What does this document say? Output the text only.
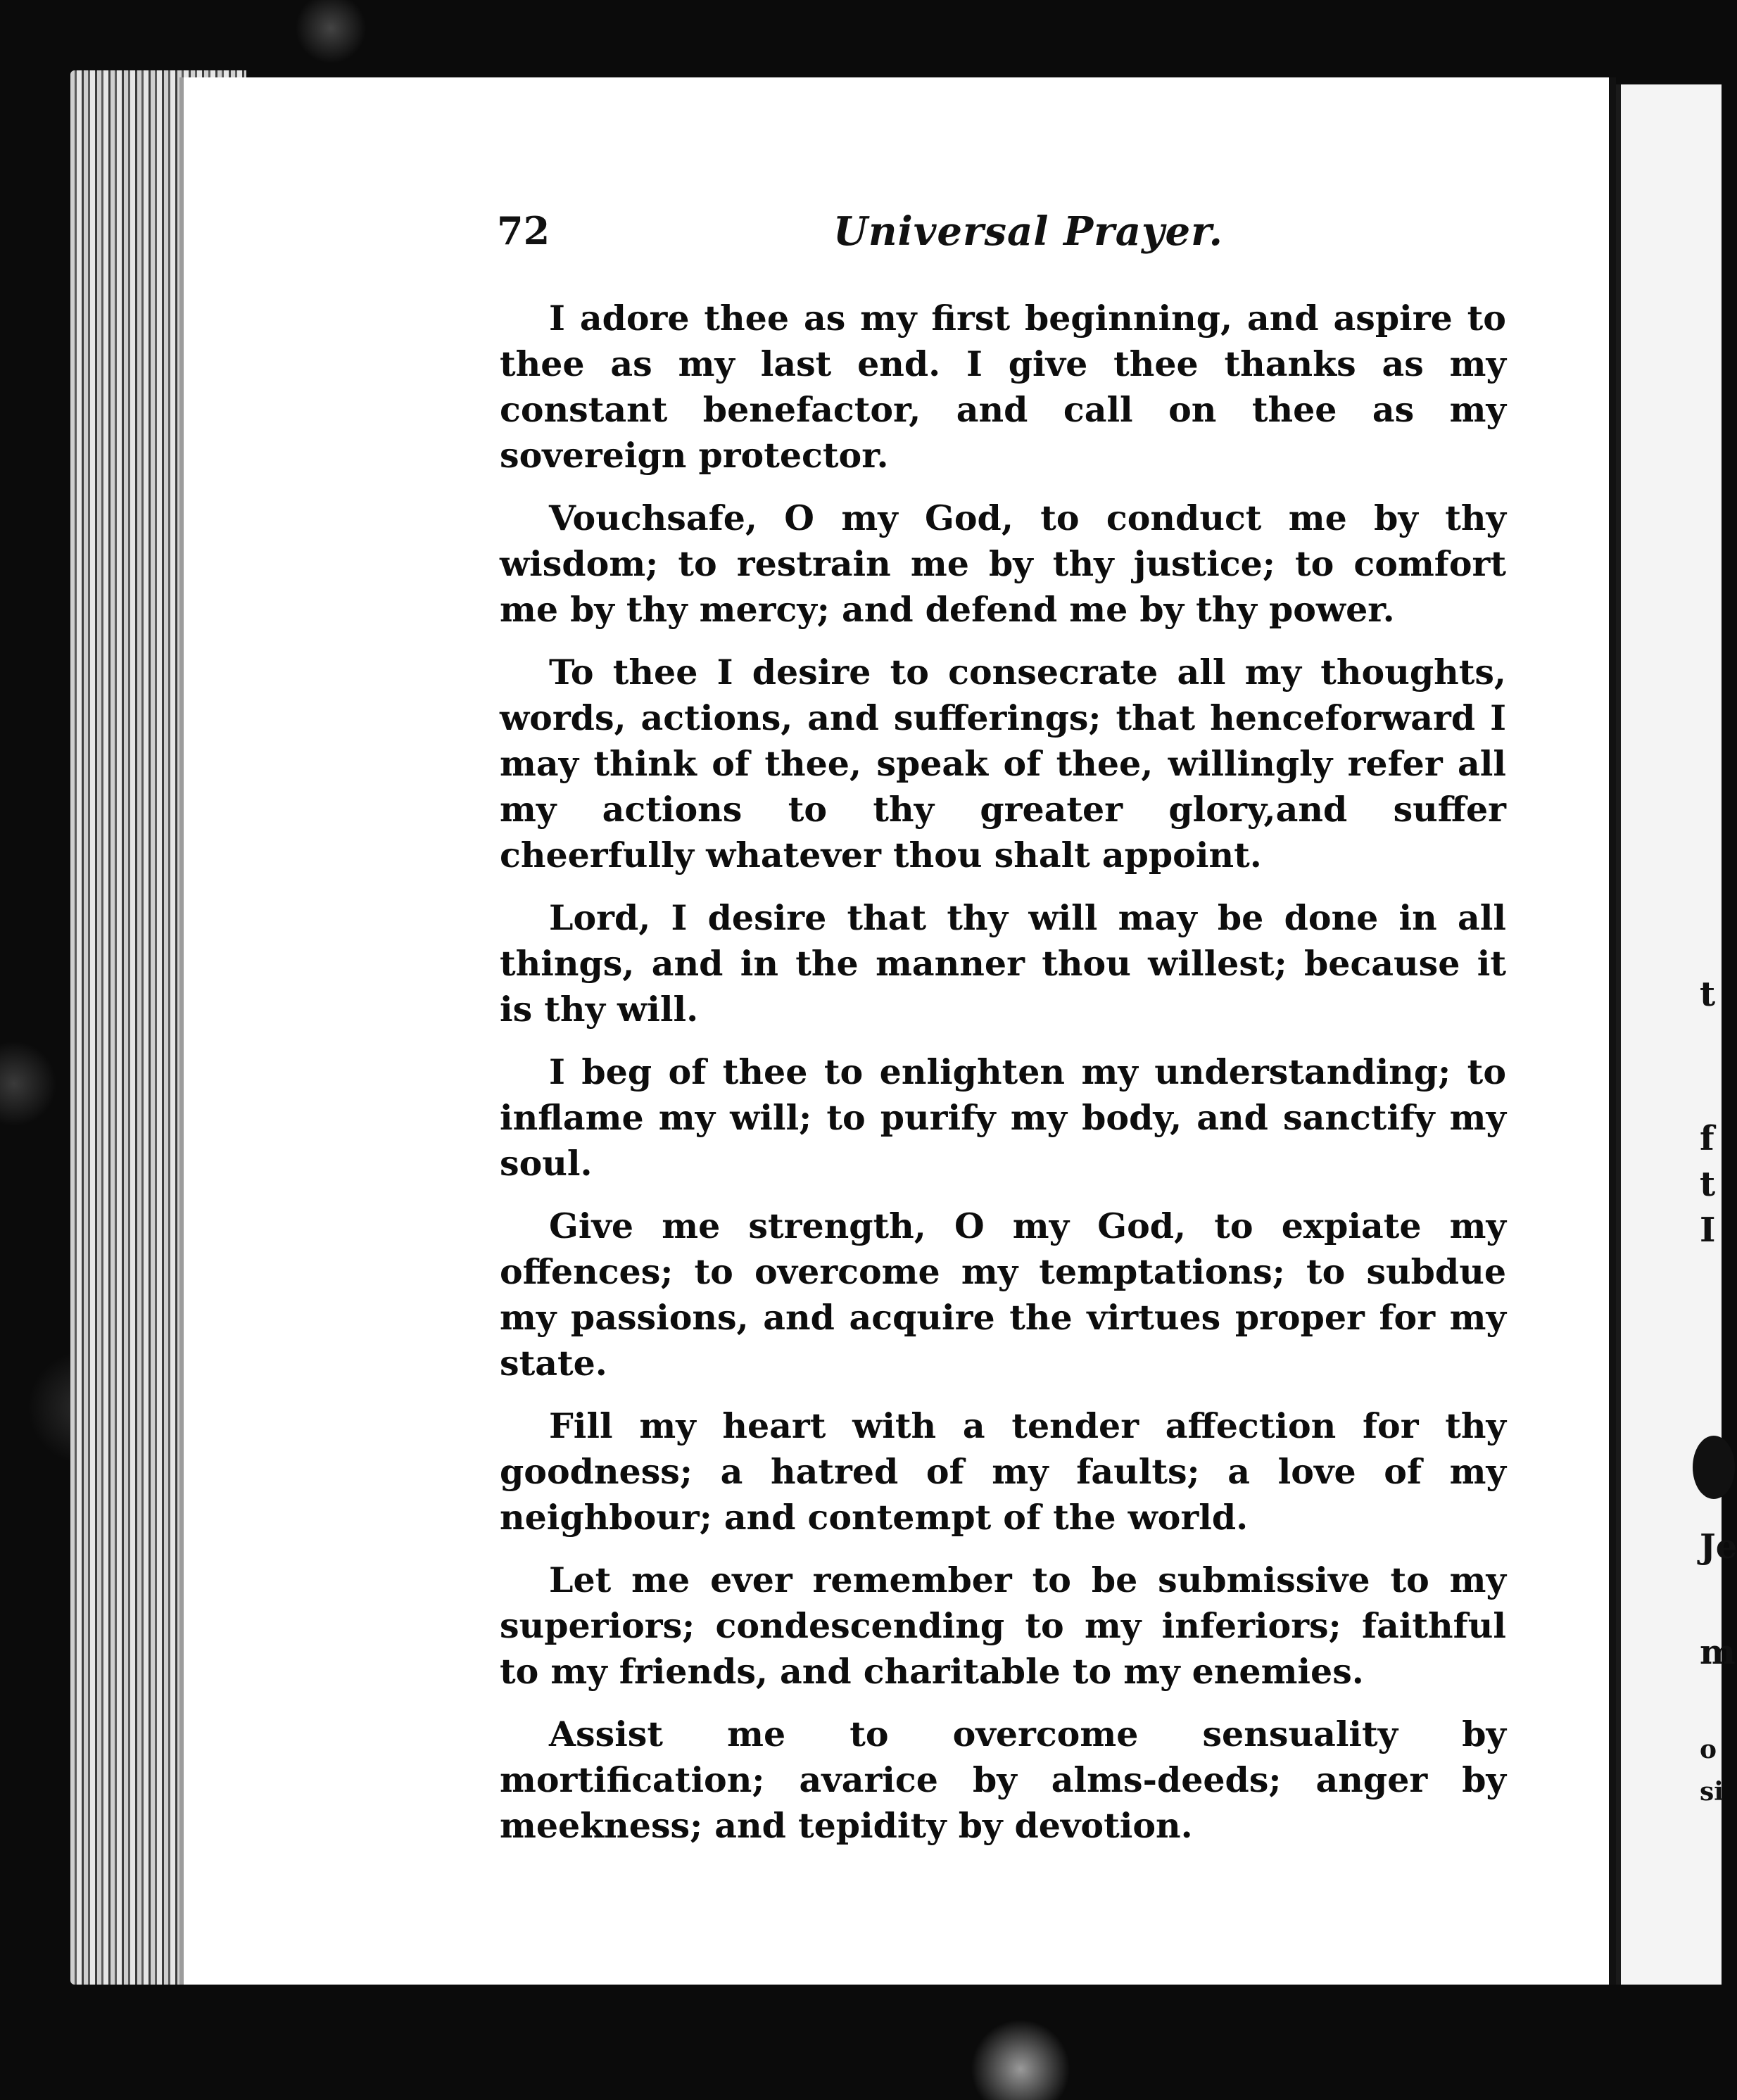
t
f
t
I
Je
m
o
si
72	Universal Prayer.

I adore thee as my first beginning, and aspire to thee as my last end. I give thee thanks as my constant benefactor, and call on thee as my sovereign protector.

Vouchsafe, O my God, to conduct me by thy wisdom; to restrain me by thy justice; to comfort me by thy mercy; and defend me by thy power.

To thee I desire to consecrate all my thoughts, words, actions, and sufferings; that henceforward I may think of thee, speak of thee, willingly refer all my actions to thy greater glory,and suffer cheerfully whatever thou shalt appoint.

Lord, I desire that thy will may be done in all things, and in the manner thou willest; because it is thy will.

I beg of thee to enlighten my understanding; to inflame my will; to purify my body, and sanctify my soul.

Give me strength, O my God, to expiate my offences; to overcome my temptations; to subdue my passions, and acquire the virtues proper for my state.

Fill my heart with a tender affection for thy goodness; a hatred of my faults; a love of my neighbour; and contempt of the world.

Let me ever remember to be submissive to my superiors; condescending to my inferiors; faithful to my friends, and charitable to my enemies.

Assist me to overcome sensuality by mortification; avarice by alms-deeds; anger by meekness; and tepidity by devotion.
